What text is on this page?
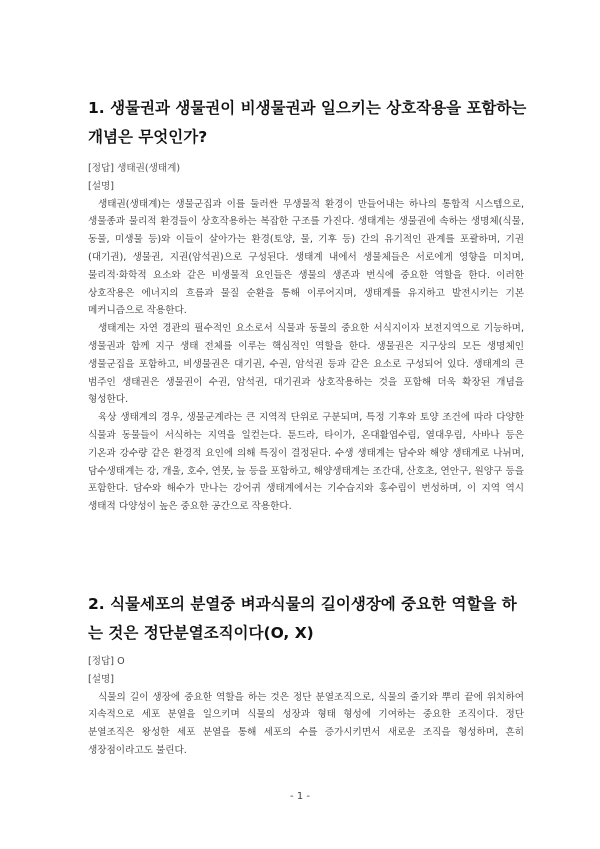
1. 생물권과 생물권이 비생물권과 일으키는 상호작용을 포함하는 개념은 무엇인가?

[정답] 생태권(생태계)

[설명]

생태권(생태계)는 생물군집과 이를 둘러싼 무생물적 환경이 만들어내는 하나의 통합적 시스템으로, 생물종과 물리적 환경들이 상호작용하는 복잡한 구조를 가진다. 생태계는 생물권에 속하는 생명체(식물, 동물, 미생물 등)와 이들이 살아가는 환경(토양, 물, 기후 등) 간의 유기적인 관계를 포괄하며, 기권(대기권), 생물권, 지권(암석권)으로 구성된다. 생태계 내에서 생물체들은 서로에게 영향을 미치며, 물리적·화학적 요소와 같은 비생물적 요인들은 생물의 생존과 번식에 중요한 역할을 한다. 이러한 상호작용은 에너지의 흐름과 물질 순환을 통해 이루어지며, 생태계를 유지하고 발전시키는 기본 메커니즘으로 작용한다.

생태계는 자연 경관의 필수적인 요소로서 식물과 동물의 중요한 서식지이자 보전지역으로 기능하며, 생물권과 함께 지구 생태 전체를 이루는 핵심적인 역할을 한다. 생물권은 지구상의 모든 생명체인 생물군집을 포함하고, 비생물권은 대기권, 수권, 암석권 등과 같은 요소로 구성되어 있다. 생태계의 큰 범주인 생태권은 생물권이 수권, 암석권, 대기권과 상호작용하는 것을 포함해 더욱 확장된 개념을 형성한다.

육상 생태계의 경우, 생물군계라는 큰 지역적 단위로 구분되며, 특정 기후와 토양 조건에 따라 다양한 식물과 동물들이 서식하는 지역을 일컫는다. 툰드라, 타이가, 온대활엽수림, 열대우림, 사바나 등은 기온과 강수량 같은 환경적 요인에 의해 특징이 결정된다. 수생 생태계는 담수와 해양 생태계로 나뉘며, 담수생태계는 강, 개울, 호수, 연못, 늪 등을 포함하고, 해양생태계는 조간대, 산호초, 연안구, 원양구 등을 포함한다. 담수와 해수가 만나는 강어귀 생태계에서는 기수습지와 홍수림이 번성하며, 이 지역 역시 생태적 다양성이 높은 중요한 공간으로 작용한다.

2. 식물세포의 분열중 벼과식물의 길이생장에 중요한 역할을 하는 것은 정단분열조직이다(O, X)

[정답] O

[설명]

식물의 길이 생장에 중요한 역할을 하는 것은 정단 분열조직으로, 식물의 줄기와 뿌리 끝에 위치하여 지속적으로 세포 분열을 일으키며 식물의 성장과 형태 형성에 기여하는 중요한 조직이다. 정단 분열조직은 왕성한 세포 분열을 통해 세포의 수를 증가시키면서 새로운 조직을 형성하며, 흔히 생장점이라고도 불린다.

- 1 -
